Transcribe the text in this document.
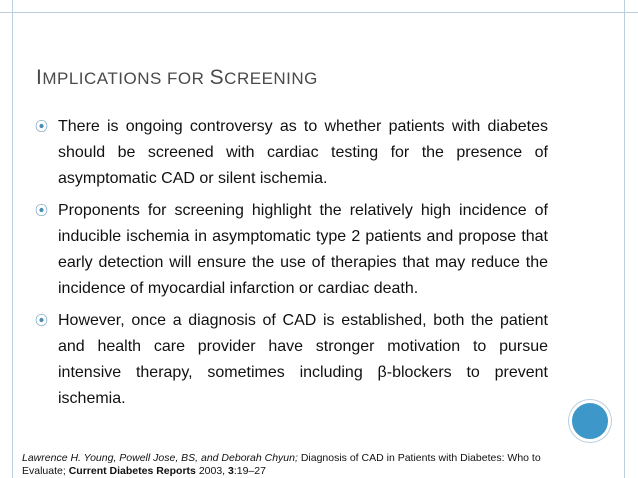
IMPLICATIONS FOR SCREENING
⦿ There is ongoing controversy as to whether patients with diabetes should be screened with cardiac testing for the presence of asymptomatic CAD or silent ischemia.
⦿ Proponents for screening highlight the relatively high incidence of inducible ischemia in asymptomatic type 2 patients and propose that early detection will ensure the use of therapies that may reduce the incidence of myocardial infarction or cardiac death.
⦿ However, once a diagnosis of CAD is established, both the patient and health care provider have stronger motivation to pursue intensive therapy, sometimes including β-blockers to prevent ischemia.
Lawrence H. Young, Powell Jose, BS, and Deborah Chyun; Diagnosis of CAD in Patients with Diabetes: Who to Evaluate; Current Diabetes Reports 2003, 3:19–27
